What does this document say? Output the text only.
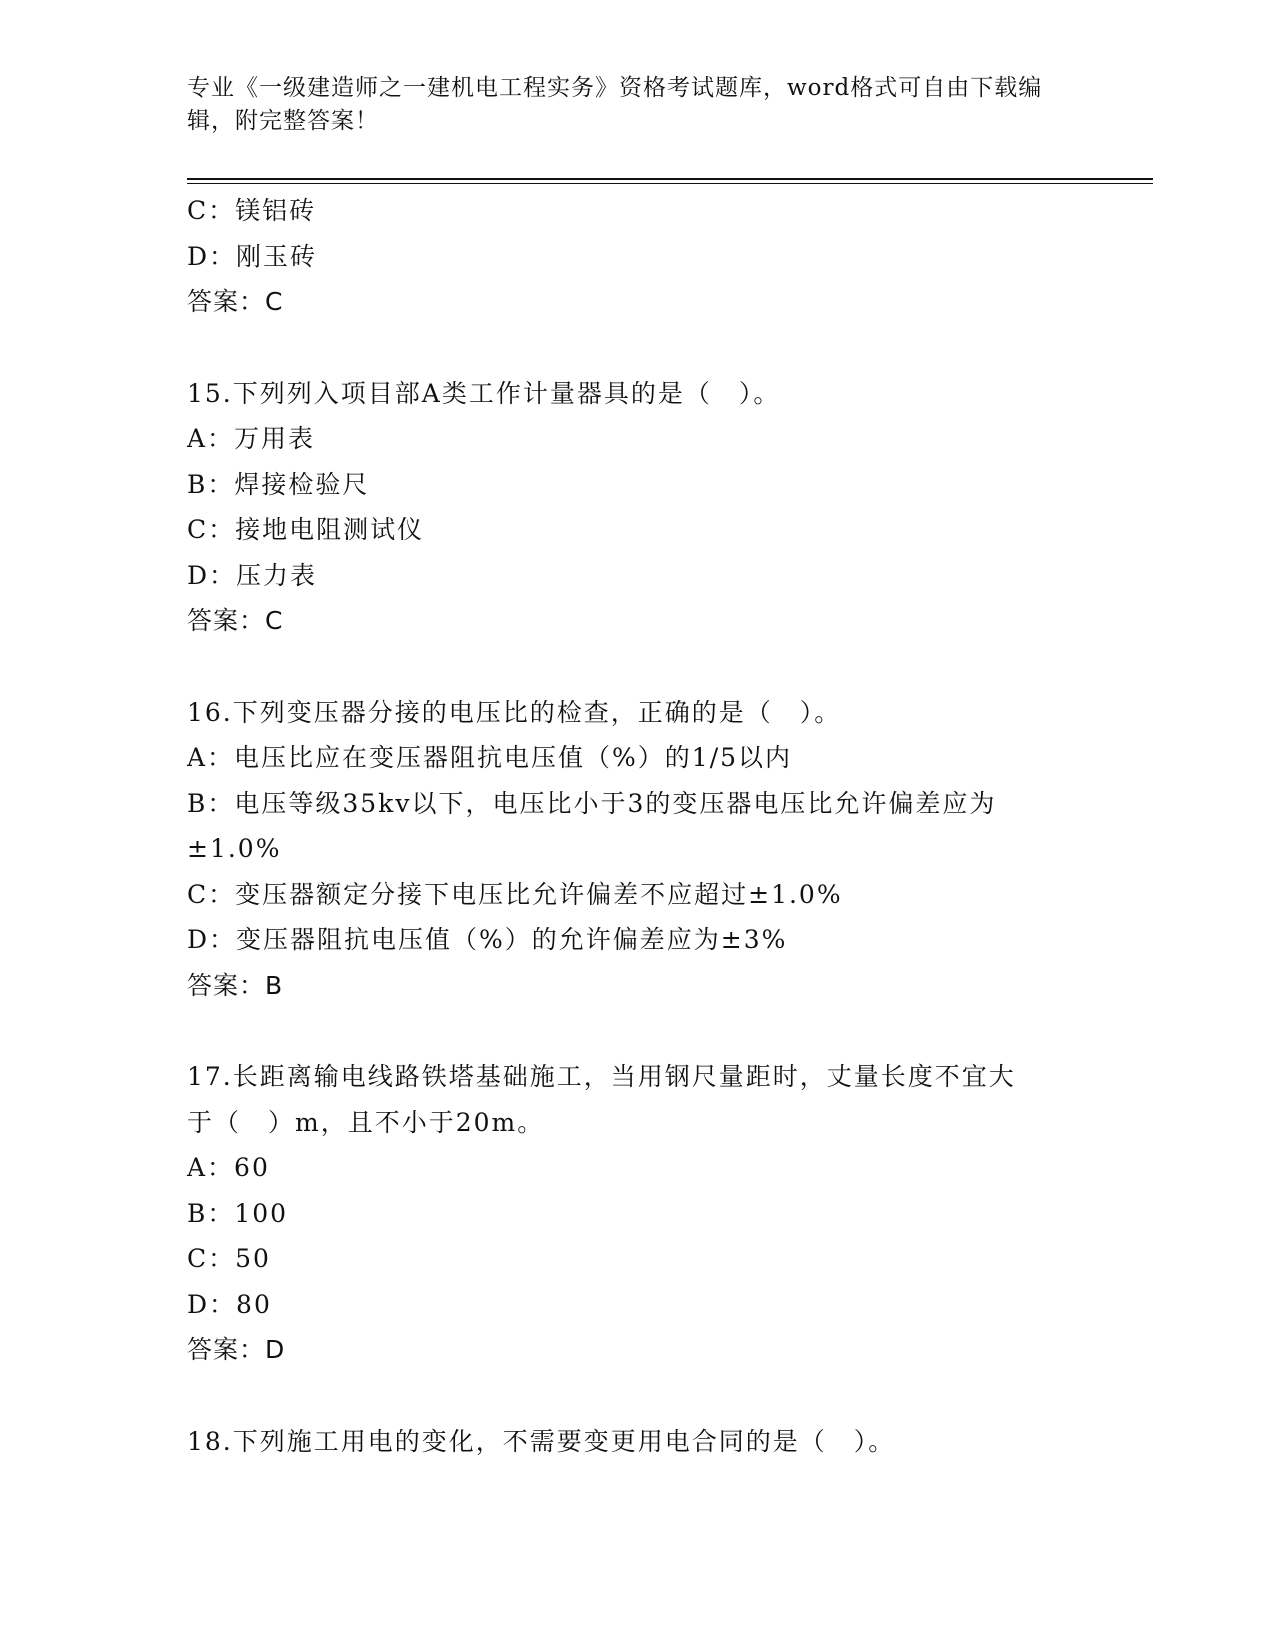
专业《一级建造师之一建机电工程实务》资格考试题库，word格式可自由下载编
辑，附完整答案！
C：镁铝砖
D：刚玉砖
答案：C
15.下列列入项目部A类工作计量器具的是（　）。
A：万用表
B：焊接检验尺
C：接地电阻测试仪
D：压力表
答案：C
16.下列变压器分接的电压比的检查，正确的是（　）。
A：电压比应在变压器阻抗电压值（%）的1/5以内
B：电压等级35kv以下，电压比小于3的变压器电压比允许偏差应为
±1.0%
C：变压器额定分接下电压比允许偏差不应超过±1.0%
D：变压器阻抗电压值（%）的允许偏差应为±3%
答案：B
17.长距离输电线路铁塔基础施工，当用钢尺量距时，丈量长度不宜大
于（　）m，且不小于20m。
A：60
B：100
C：50
D：80
答案：D
18.下列施工用电的变化，不需要变更用电合同的是（　）。
